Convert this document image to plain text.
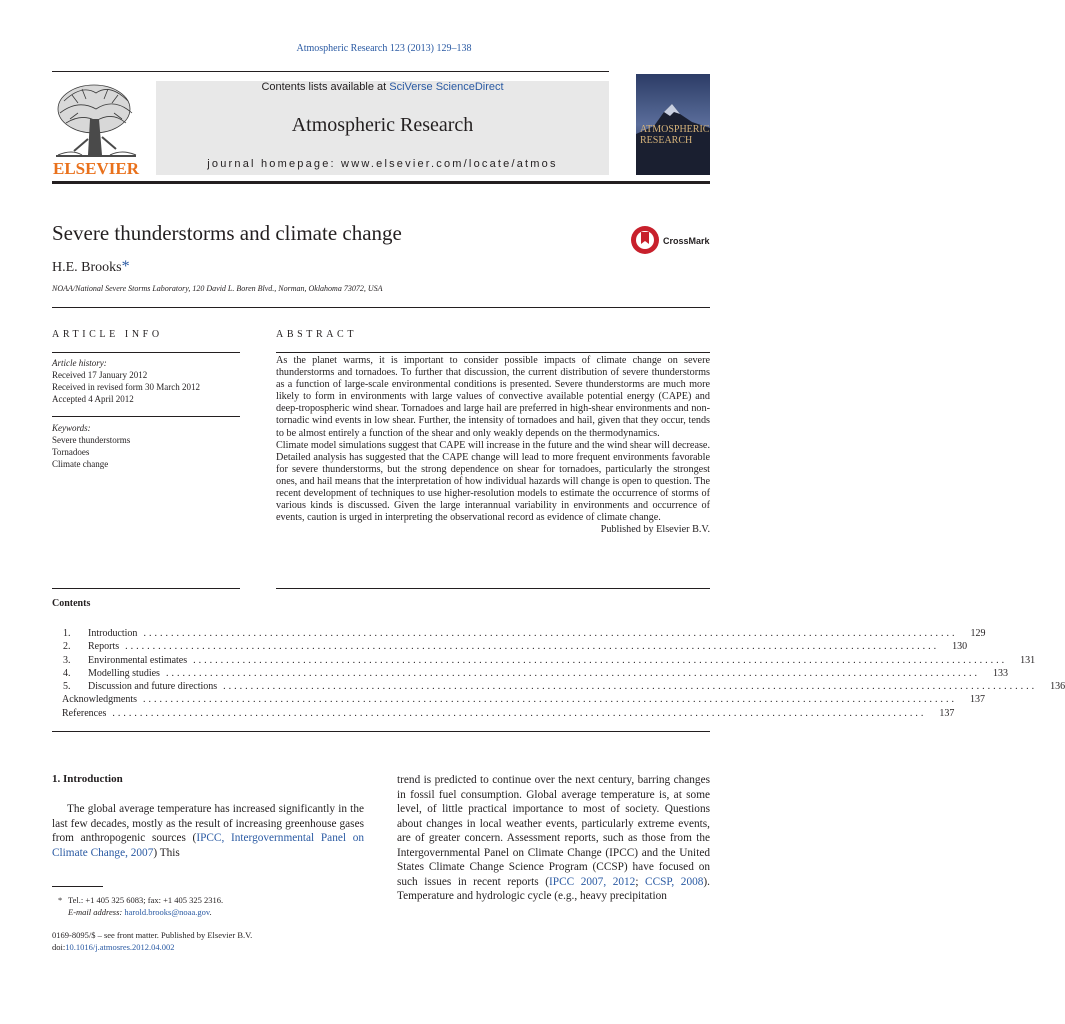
Atmospheric Research 123 (2013) 129–138
ELSEVIER
Contents lists available at SciVerse ScienceDirect
Atmospheric Research
journal homepage: www.elsevier.com/locate/atmos
ATMOSPHERIC
RESEARCH
Severe thunderstorms and climate change	CrossMark
H.E. Brooks*
NOAA/National Severe Storms Laboratory, 120 David L. Boren Blvd., Norman, Oklahoma 73072, USA
ARTICLE INFO
Article history:
Received 17 January 2012
Received in revised form 30 March 2012
Accepted 4 April 2012
Keywords:
Severe thunderstorms
Tornadoes
Climate change
ABSTRACT

As the planet warms, it is important to consider possible impacts of climate change on severe thunderstorms and tornadoes. To further that discussion, the current distribution of severe thunderstorms as a function of large-scale environmental conditions is presented. Severe thunderstorms are much more likely to form in environments with large values of convective available potential energy (CAPE) and deep-tropospheric wind shear. Tornadoes and large hail are preferred in high-shear environments and non-tornadic wind events in low shear. Further, the intensity of tornadoes and hail, given that they occur, tends to be almost entirely a function of the shear and only weakly depends on the thermodynamics.

Climate model simulations suggest that CAPE will increase in the future and the wind shear will decrease. Detailed analysis has suggested that the CAPE change will lead to more frequent environments favorable for severe thunderstorms, but the strong dependence on shear for tornadoes, particularly the strongest ones, and hail means that the interpretation of how individual hazards will change is open to question. The recent development of techniques to use higher-resolution models to estimate the occurrence of storms of various kinds is discussed. Given the large interannual variability in environments and occurrence of events, caution is urged in interpreting the observational record as evidence of climate change.

Published by Elsevier B.V.

Contents
1.	Introduction ....................................................................................................................................................	129
2.	Reports ....................................................................................................................................................	130
3.	Environmental estimates ....................................................................................................................................................	131
4.	Modelling studies ....................................................................................................................................................	133
5.	Discussion and future directions ....................................................................................................................................................	136
Acknowledgments ....................................................................................................................................................	137
References ....................................................................................................................................................	137
1. Introduction
The global average temperature has increased significantly in the last few decades, mostly as the result of increasing greenhouse gases from anthropogenic sources (IPCC, Intergovernmental Panel on Climate Change, 2007) This
trend is predicted to continue over the next century, barring changes in fossil fuel consumption. Global average temperature is, at some level, of little practical importance to most of society. Questions about changes in local weather events, particularly extreme events, are of greater concern. Assessment reports, such as those from the Intergovernmental Panel on Climate Change (IPCC) and the United States Climate Change Science Program (CCSP) have focused on such issues in recent reports (IPCC 2007, 2012; CCSP, 2008). Temperature and hydrologic cycle (e.g., heavy precipitation
* Tel.: +1 405 325 6083; fax: +1 405 325 2316.
E-mail address: harold.brooks@noaa.gov.
0169-8095/$ – see front matter. Published by Elsevier B.V.
doi:10.1016/j.atmosres.2012.04.002
